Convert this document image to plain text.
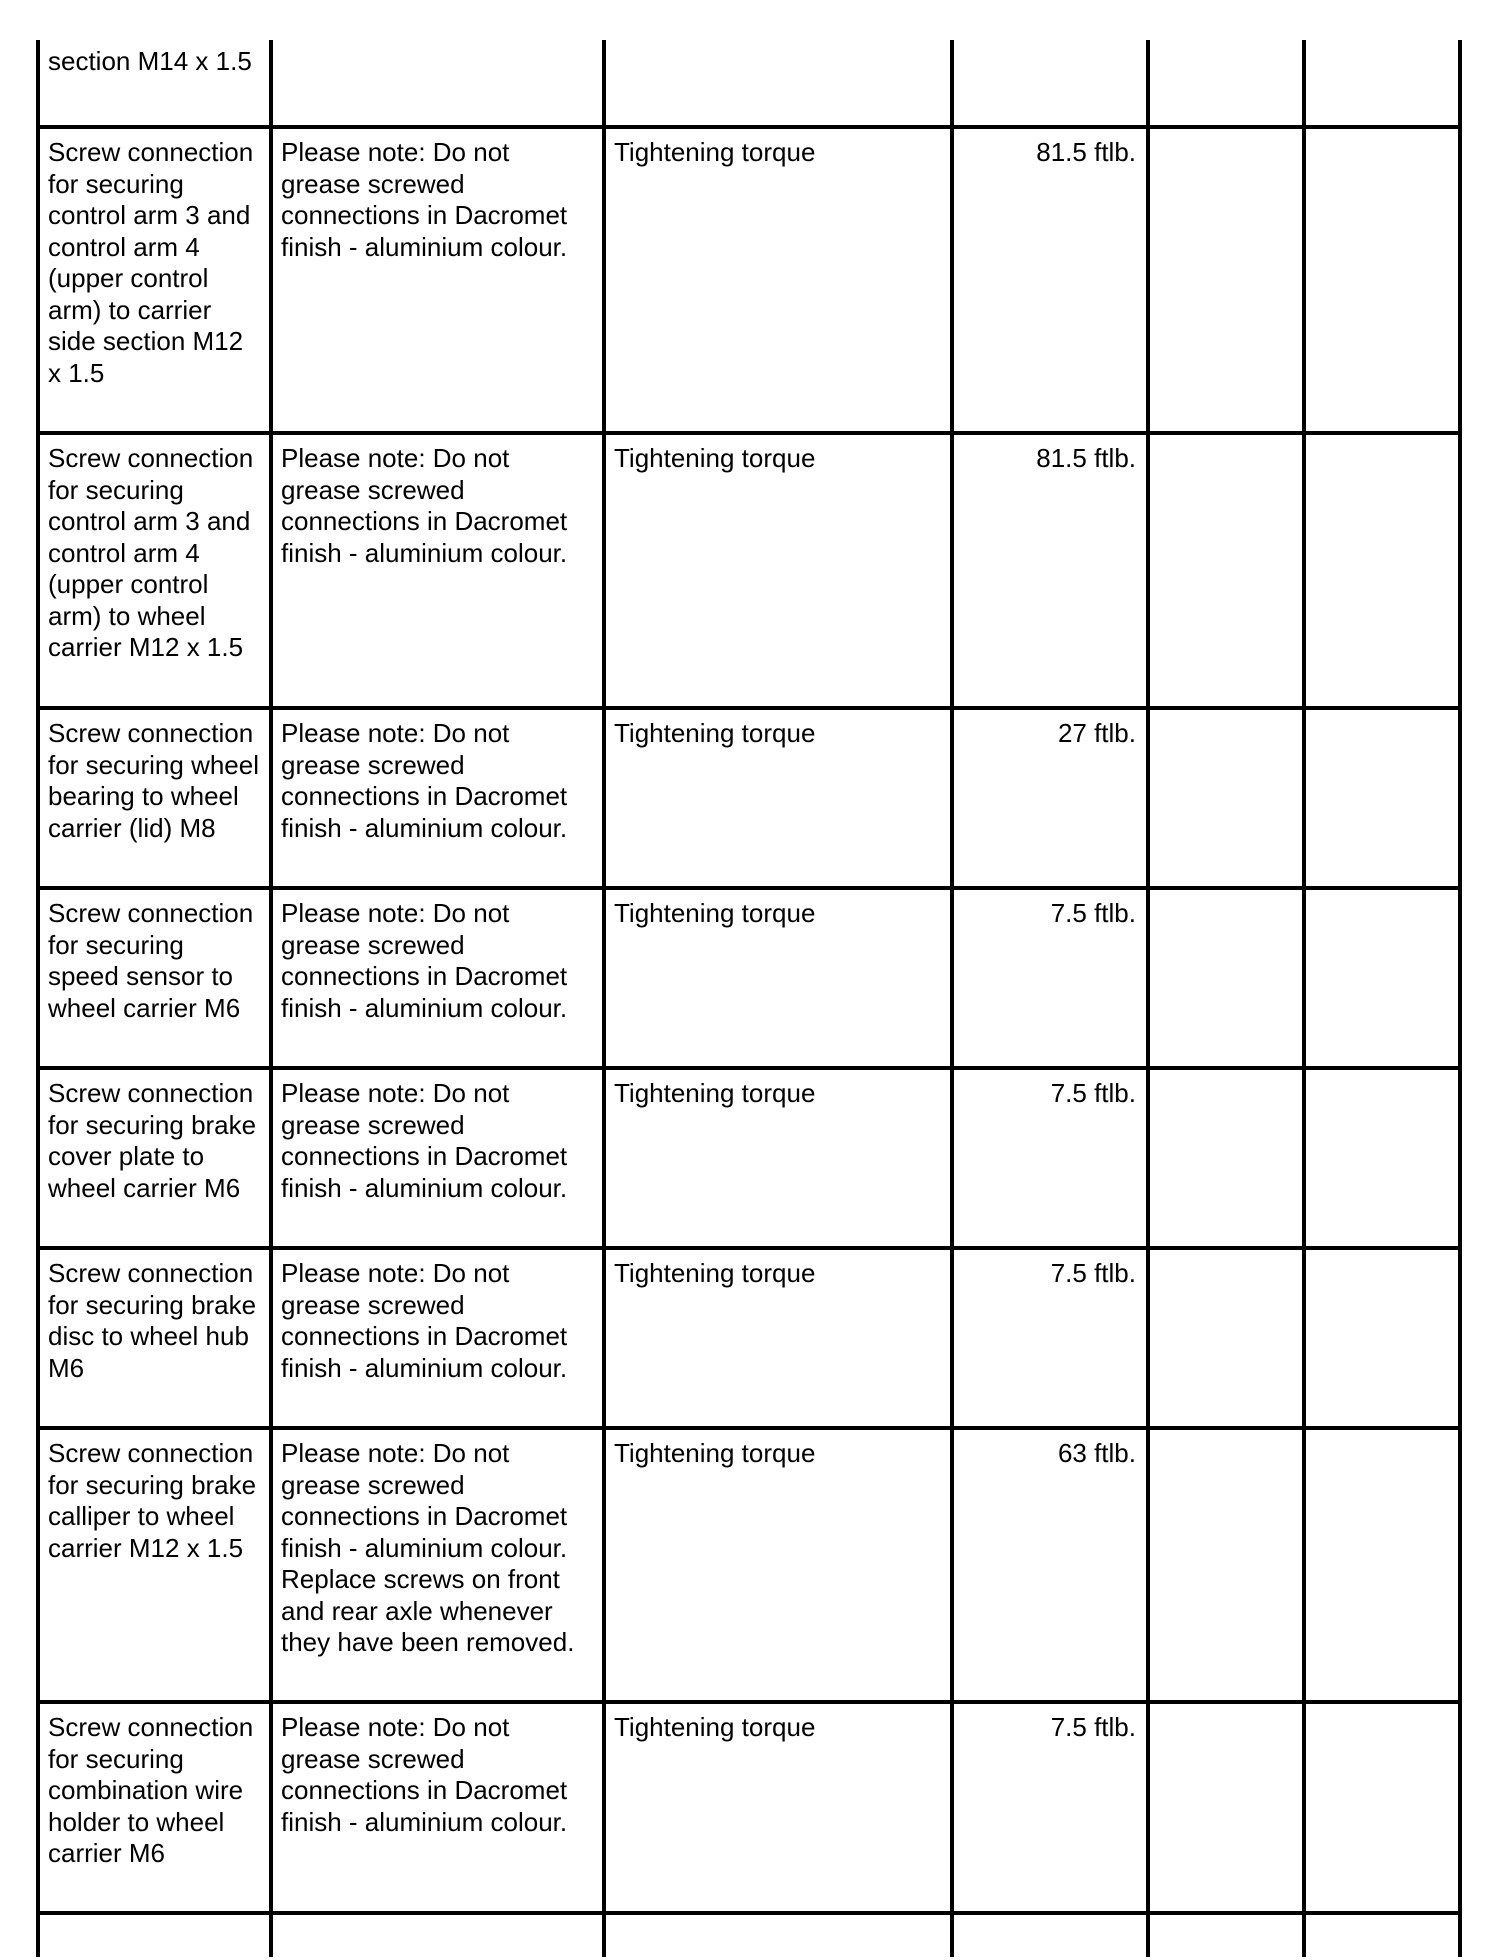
section M14 x 1.5					
Screw connection for securing control arm 3 and control arm 4 (upper control arm) to carrier side section M12 x 1.5	Please note: Do not grease screwed connections in Dacromet finish - aluminium colour.	Tightening torque	81.5 ftlb.		
Screw connection for securing control arm 3 and control arm 4 (upper control arm) to wheel carrier M12 x 1.5	Please note: Do not grease screwed connections in Dacromet finish - aluminium colour.	Tightening torque	81.5 ftlb.		
Screw connection for securing wheel bearing to wheel carrier (lid) M8	Please note: Do not grease screwed connections in Dacromet finish - aluminium colour.	Tightening torque	27 ftlb.		
Screw connection for securing speed sensor to wheel carrier M6	Please note: Do not grease screwed connections in Dacromet finish - aluminium colour.	Tightening torque	7.5 ftlb.		
Screw connection for securing brake cover plate to wheel carrier M6	Please note: Do not grease screwed connections in Dacromet finish - aluminium colour.	Tightening torque	7.5 ftlb.		
Screw connection for securing brake disc to wheel hub M6	Please note: Do not grease screwed connections in Dacromet finish - aluminium colour.	Tightening torque	7.5 ftlb.		
Screw connection for securing brake calliper to wheel carrier M12 x 1.5	Please note: Do not grease screwed connections in Dacromet finish - aluminium colour. Replace screws on front and rear axle whenever they have been removed.	Tightening torque	63 ftlb.		
Screw connection for securing combination wire holder to wheel carrier M6	Please note: Do not grease screwed connections in Dacromet finish - aluminium colour.	Tightening torque	7.5 ftlb.		
